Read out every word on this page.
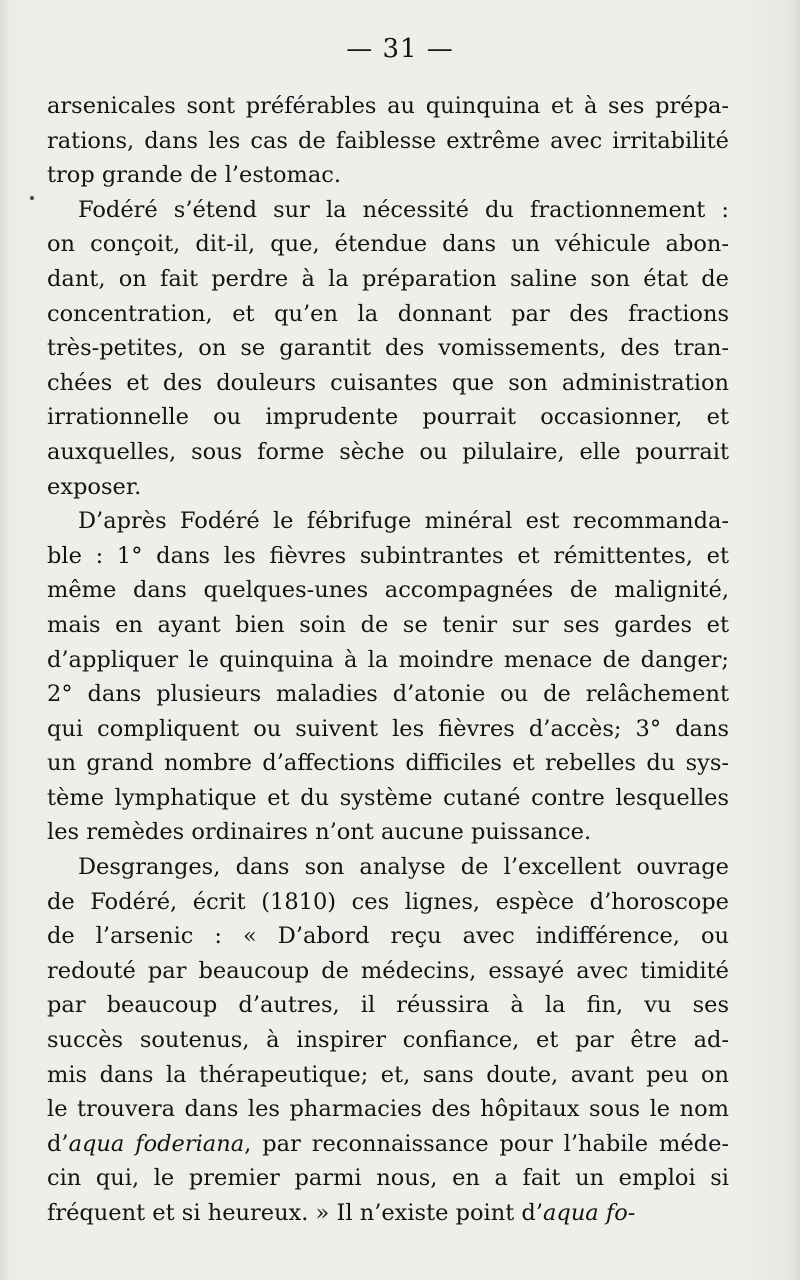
— 31 —
arsenicales sont préférables au quinquina et à ses prépa-
rations, dans les cas de faiblesse extrême avec irritabilité
trop grande de l’estomac.
Fodéré s’étend sur la nécessité du fractionnement :
on conçoit, dit-il, que, étendue dans un véhicule abon-
dant, on fait perdre à la préparation saline son état de
concentration, et qu’en la donnant par des fractions
très-petites, on se garantit des vomissements, des tran-
chées et des douleurs cuisantes que son administration
irrationnelle ou imprudente pourrait occasionner, et
auxquelles, sous forme sèche ou pilulaire, elle pourrait
exposer.
D’après Fodéré le fébrifuge minéral est recommanda-
ble : 1° dans les fièvres subintrantes et rémittentes, et
même dans quelques-unes accompagnées de malignité,
mais en ayant bien soin de se tenir sur ses gardes et
d’appliquer le quinquina à la moindre menace de danger;
2° dans plusieurs maladies d’atonie ou de relâchement
qui compliquent ou suivent les fièvres d’accès; 3° dans
un grand nombre d’affections difficiles et rebelles du sys-
tème lymphatique et du système cutané contre lesquelles
les remèdes ordinaires n’ont aucune puissance.
Desgranges, dans son analyse de l’excellent ouvrage
de Fodéré, écrit (1810) ces lignes, espèce d’horoscope
de l’arsenic : « D’abord reçu avec indifférence, ou
redouté par beaucoup de médecins, essayé avec timidité
par beaucoup d’autres, il réussira à la fin, vu ses
succès soutenus, à inspirer confiance, et par être ad-
mis dans la thérapeutique; et, sans doute, avant peu on
le trouvera dans les pharmacies des hôpitaux sous le nom
d’aqua foderiana, par reconnaissance pour l’habile méde-
cin qui, le premier parmi nous, en a fait un emploi si
fréquent et si heureux. » Il n’existe point d’aqua fo-
